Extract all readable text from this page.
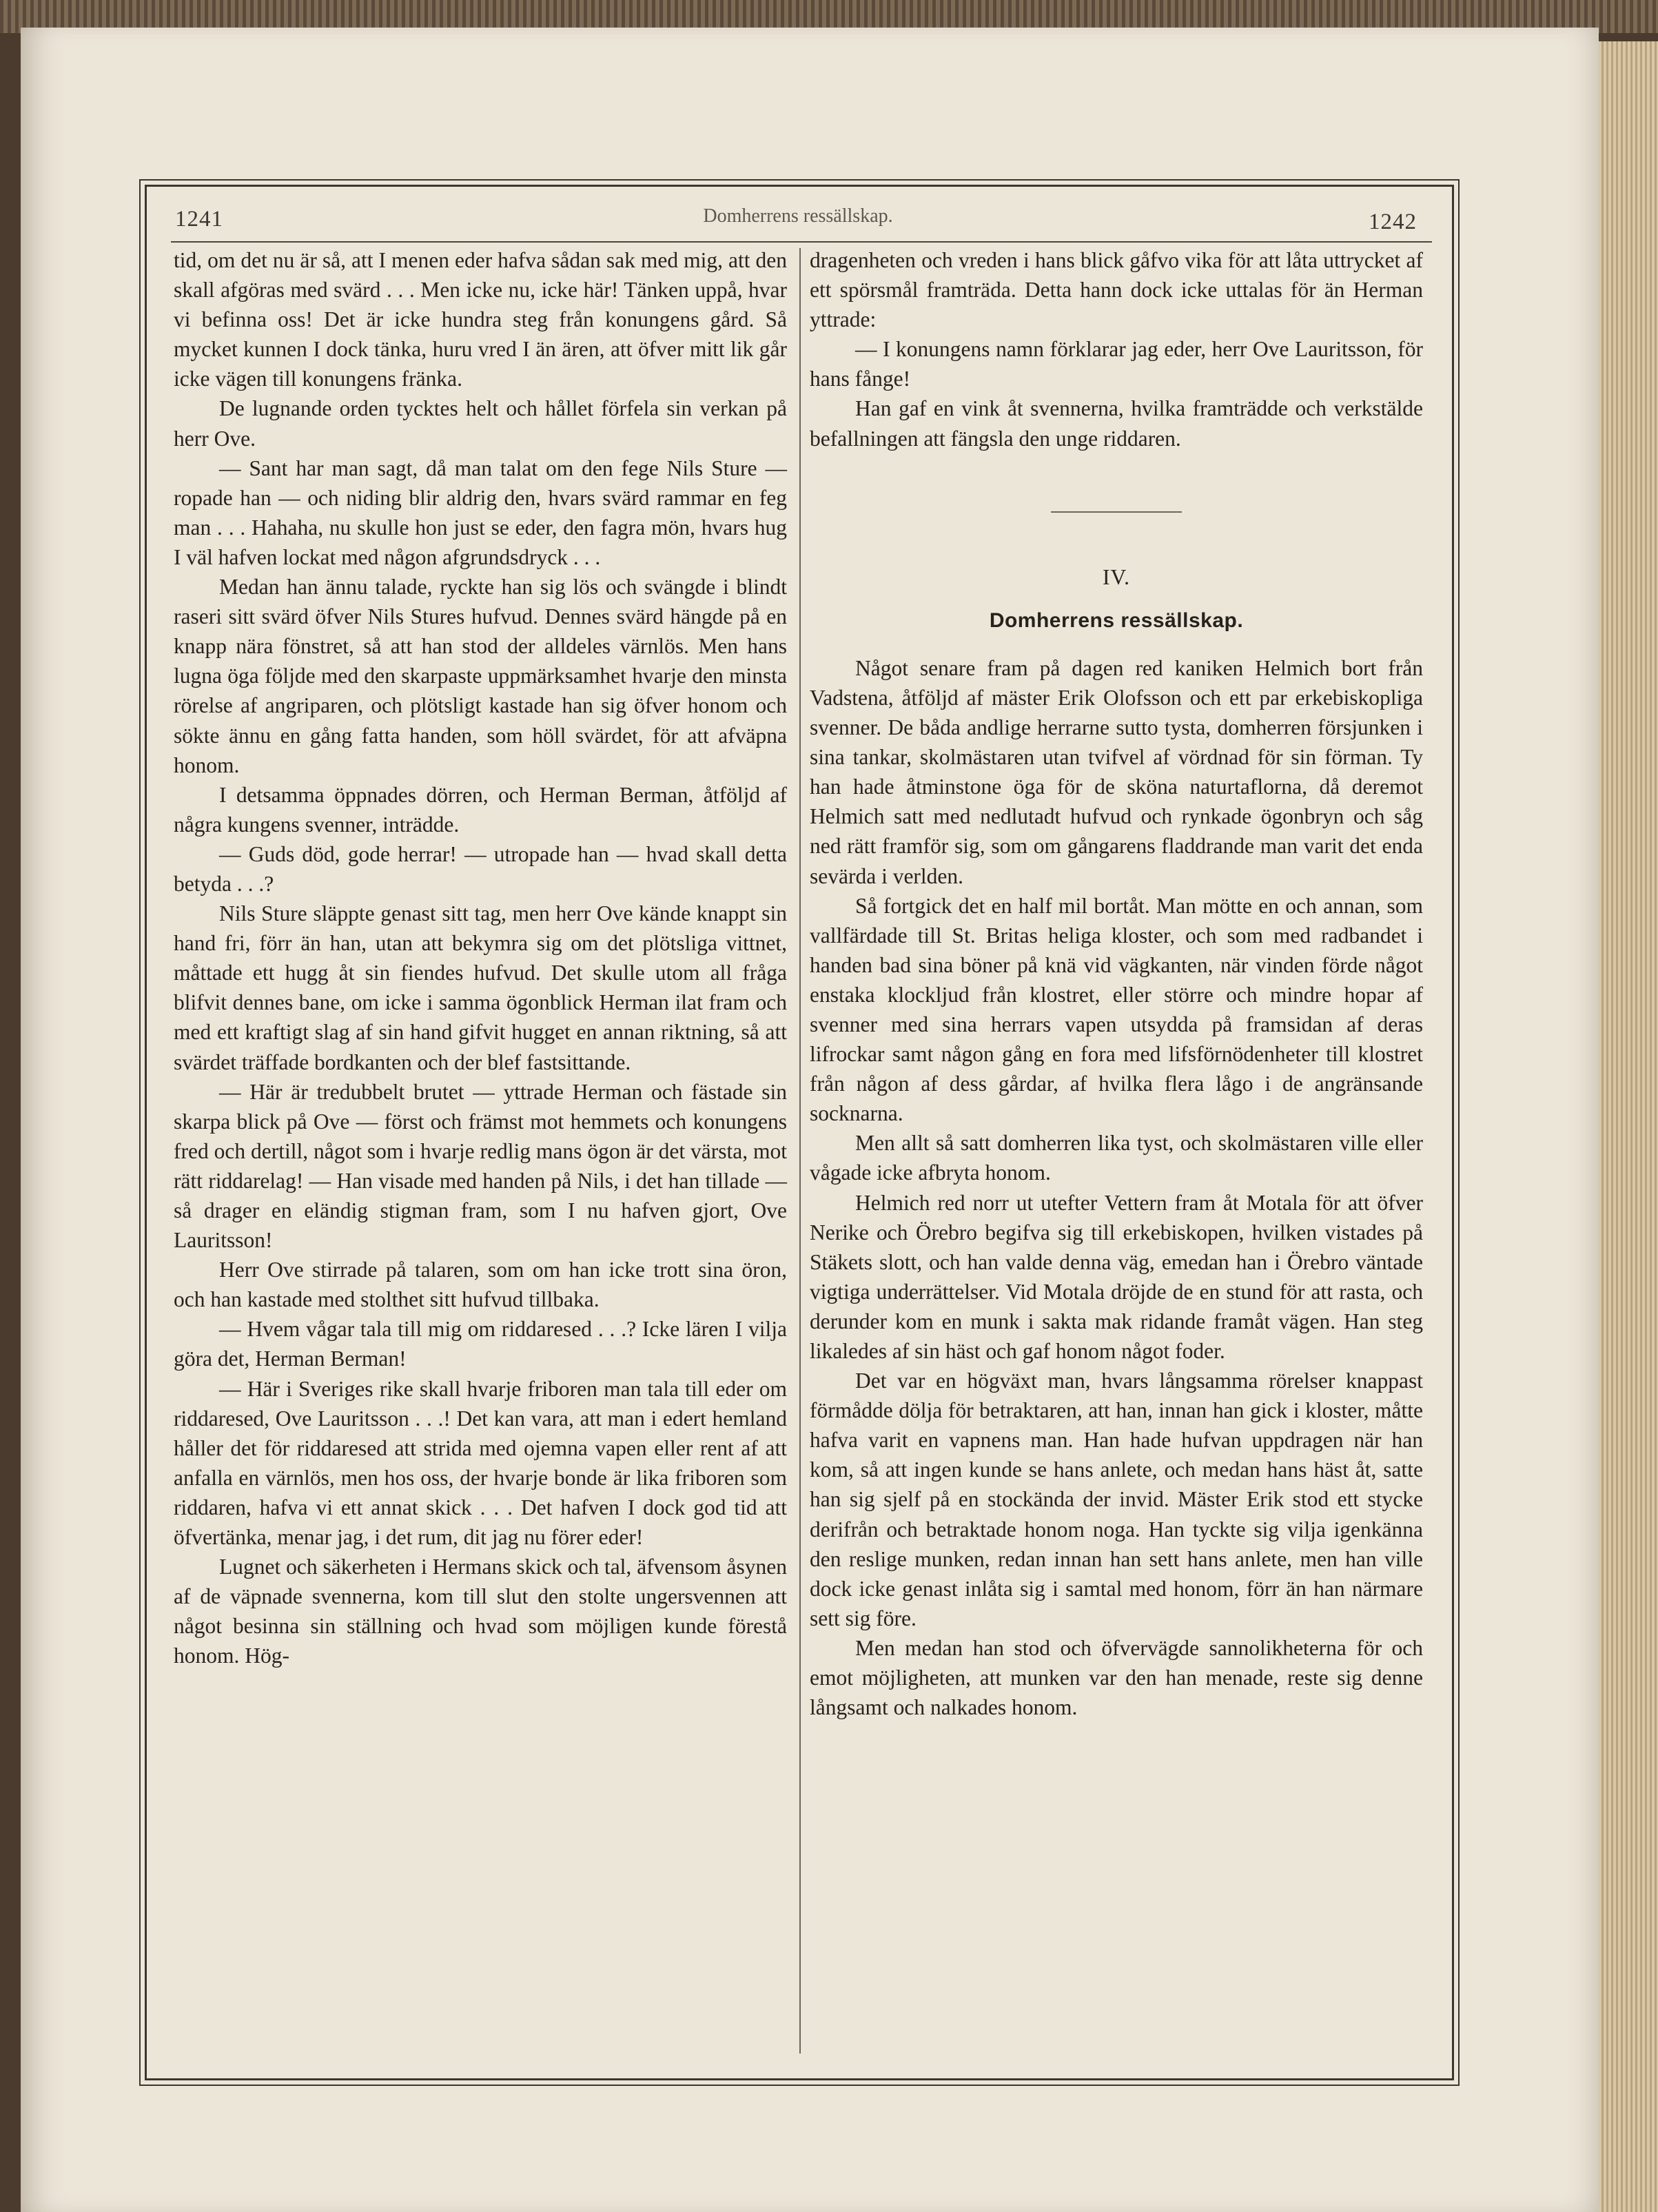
1241	Domherrens ressällskap.	1242

tid, om det nu är så, att I menen eder hafva sådan sak med mig, att den skall afgöras med svärd . . . Men icke nu, icke här! Tänken uppå, hvar vi befinna oss! Det är icke hundra steg från konungens gård. Så mycket kunnen I dock tänka, huru vred I än ären, att öfver mitt lik går icke vägen till konungens fränka.

De lugnande orden tycktes helt och hållet förfela sin verkan på herr Ove.

— Sant har man sagt, då man talat om den fege Nils Sture — ropade han — och niding blir aldrig den, hvars svärd rammar en feg man . . . Hahaha, nu skulle hon just se eder, den fagra mön, hvars hug I väl hafven lockat med någon afgrundsdryck . . .

Medan han ännu talade, ryckte han sig lös och svängde i blindt raseri sitt svärd öfver Nils Stures hufvud. Dennes svärd hängde på en knapp nära fönstret, så att han stod der alldeles värnlös. Men hans lugna öga följde med den skarpaste uppmärksamhet hvarje den minsta rörelse af angriparen, och plötsligt kastade han sig öfver honom och sökte ännu en gång fatta handen, som höll svärdet, för att afväpna honom.

I detsamma öppnades dörren, och Herman Berman, åtföljd af några kungens svenner, inträdde.

— Guds död, gode herrar! — utropade han — hvad skall detta betyda . . .?

Nils Sture släppte genast sitt tag, men herr Ove kände knappt sin hand fri, förr än han, utan att bekymra sig om det plötsliga vittnet, måttade ett hugg åt sin fiendes hufvud. Det skulle utom all fråga blifvit dennes bane, om icke i samma ögonblick Herman ilat fram och med ett kraftigt slag af sin hand gifvit hugget en annan riktning, så att svärdet träffade bordkanten och der blef fastsittande.

— Här är tredubbelt brutet — yttrade Herman och fästade sin skarpa blick på Ove — först och främst mot hemmets och konungens fred och dertill, något som i hvarje redlig mans ögon är det värsta, mot rätt riddarelag! — Han visade med handen på Nils, i det han tillade — så drager en eländig stigman fram, som I nu hafven gjort, Ove Lauritsson!

Herr Ove stirrade på talaren, som om han icke trott sina öron, och han kastade med stolthet sitt hufvud tillbaka.

— Hvem vågar tala till mig om riddaresed . . .? Icke lären I vilja göra det, Herman Berman!

— Här i Sveriges rike skall hvarje friboren man tala till eder om riddaresed, Ove Lauritsson . . .! Det kan vara, att man i edert hemland håller det för riddaresed att strida med ojemna vapen eller rent af att anfalla en värnlös, men hos oss, der hvarje bonde är lika friboren som riddaren, hafva vi ett annat skick . . . Det hafven I dock god tid att öfvertänka, menar jag, i det rum, dit jag nu förer eder!

Lugnet och säkerheten i Hermans skick och tal, äfvensom åsynen af de väpnade svennerna, kom till slut den stolte ungersvennen att något besinna sin ställning och hvad som möjligen kunde förestå honom. Hög-

dragenheten och vreden i hans blick gåfvo vika för att låta uttrycket af ett spörsmål framträda. Detta hann dock icke uttalas för än Herman yttrade:

— I konungens namn förklarar jag eder, herr Ove Lauritsson, för hans fånge!

Han gaf en vink åt svennerna, hvilka framträdde och verkstälde befallningen att fängsla den unge riddaren.

IV.
Domherrens ressällskap.

Något senare fram på dagen red kaniken Helmich bort från Vadstena, åtföljd af mäster Erik Olofsson och ett par erkebiskopliga svenner. De båda andlige herrarne sutto tysta, domherren försjunken i sina tankar, skolmästaren utan tvifvel af vördnad för sin förman. Ty han hade åtminstone öga för de sköna naturtaflorna, då deremot Helmich satt med nedlutadt hufvud och rynkade ögonbryn och såg ned rätt framför sig, som om gångarens fladdrande man varit det enda sevärda i verlden.

Så fortgick det en half mil bortåt. Man mötte en och annan, som vallfärdade till St. Britas heliga kloster, och som med radbandet i handen bad sina böner på knä vid vägkanten, när vinden förde något enstaka klockljud från klostret, eller större och mindre hopar af svenner med sina herrars vapen utsydda på framsidan af deras lifrockar samt någon gång en fora med lifsförnödenheter till klostret från någon af dess gårdar, af hvilka flera lågo i de angränsande socknarna.

Men allt så satt domherren lika tyst, och skolmästaren ville eller vågade icke afbryta honom.

Helmich red norr ut utefter Vettern fram åt Motala för att öfver Nerike och Örebro begifva sig till erkebiskopen, hvilken vistades på Stäkets slott, och han valde denna väg, emedan han i Örebro väntade vigtiga underrättelser. Vid Motala dröjde de en stund för att rasta, och derunder kom en munk i sakta mak ridande framåt vägen. Han steg likaledes af sin häst och gaf honom något foder.

Det var en högväxt man, hvars långsamma rörelser knappast förmådde dölja för betraktaren, att han, innan han gick i kloster, måtte hafva varit en vapnens man. Han hade hufvan uppdragen när han kom, så att ingen kunde se hans anlete, och medan hans häst åt, satte han sig sjelf på en stockända der invid. Mäster Erik stod ett stycke derifrån och betraktade honom noga. Han tyckte sig vilja igenkänna den reslige munken, redan innan han sett hans anlete, men han ville dock icke genast inlåta sig i samtal med honom, förr än han närmare sett sig före.

Men medan han stod och öfvervägde sannolikheterna för och emot möjligheten, att munken var den han menade, reste sig denne långsamt och nalkades honom.
